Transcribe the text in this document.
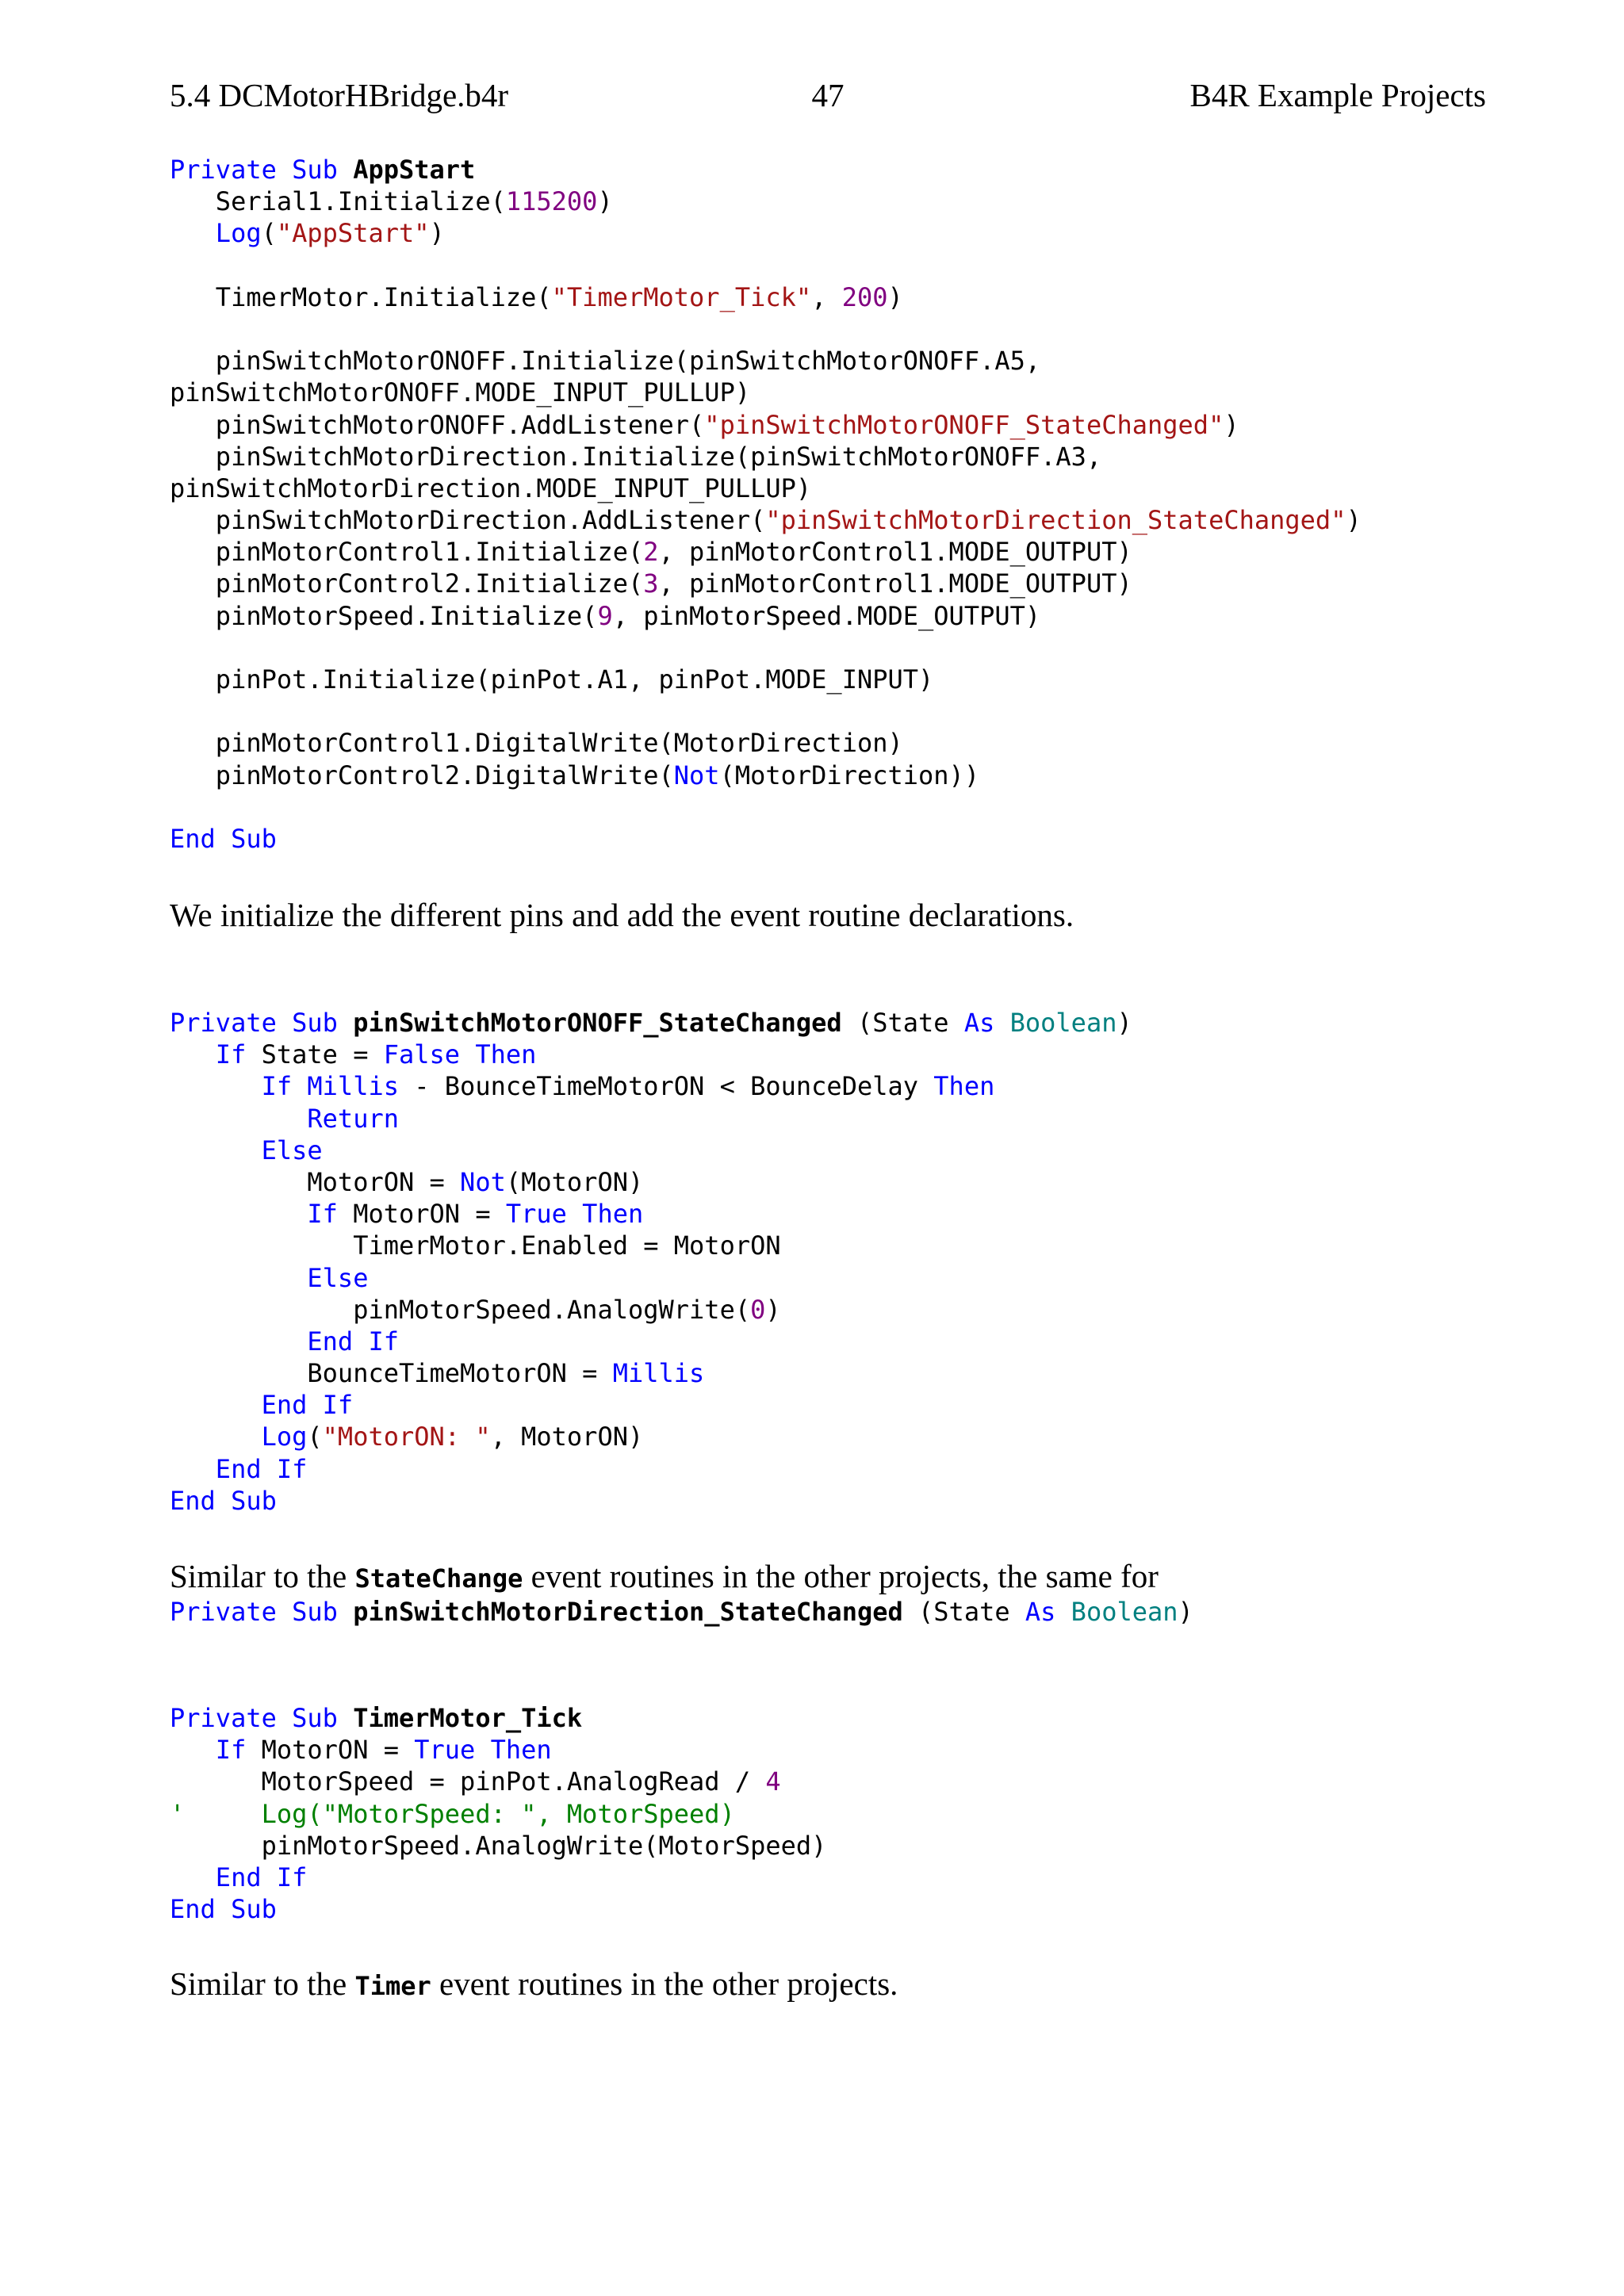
5.4 DCMotorHBridge.b4r	47	B4R Example Projects
Private Sub AppStart
Serial1.Initialize(115200)
Log("AppStart")
TimerMotor.Initialize("TimerMotor_Tick", 200)
pinSwitchMotorONOFF.Initialize(pinSwitchMotorONOFF.A5,
pinSwitchMotorONOFF.MODE_INPUT_PULLUP)
pinSwitchMotorONOFF.AddListener("pinSwitchMotorONOFF_StateChanged")
pinSwitchMotorDirection.Initialize(pinSwitchMotorONOFF.A3,
pinSwitchMotorDirection.MODE_INPUT_PULLUP)
pinSwitchMotorDirection.AddListener("pinSwitchMotorDirection_StateChanged")
pinMotorControl1.Initialize(2, pinMotorControl1.MODE_OUTPUT)
pinMotorControl2.Initialize(3, pinMotorControl1.MODE_OUTPUT)
pinMotorSpeed.Initialize(9, pinMotorSpeed.MODE_OUTPUT)
pinPot.Initialize(pinPot.A1, pinPot.MODE_INPUT)
pinMotorControl1.DigitalWrite(MotorDirection)
pinMotorControl2.DigitalWrite(Not(MotorDirection))
End Sub

We initialize the different pins and add the event routine declarations.

Private Sub pinSwitchMotorONOFF_StateChanged (State As Boolean)
If State = False Then
If Millis - BounceTimeMotorON < BounceDelay Then
Return
Else
MotorON = Not(MotorON)
If MotorON = True Then
TimerMotor.Enabled = MotorON
Else
pinMotorSpeed.AnalogWrite(0)
End If
BounceTimeMotorON = Millis
End If
Log("MotorON: ", MotorON)
End If
End Sub
Similar to the StateChange event routines in the other projects, the same for
Private Sub pinSwitchMotorDirection_StateChanged (State As Boolean)
Private Sub TimerMotor_Tick
If MotorON = True Then
MotorSpeed = pinPot.AnalogRead / 4
'     Log("MotorSpeed: ", MotorSpeed)
pinMotorSpeed.AnalogWrite(MotorSpeed)
End If
End Sub
Similar to the Timer event routines in the other projects.
